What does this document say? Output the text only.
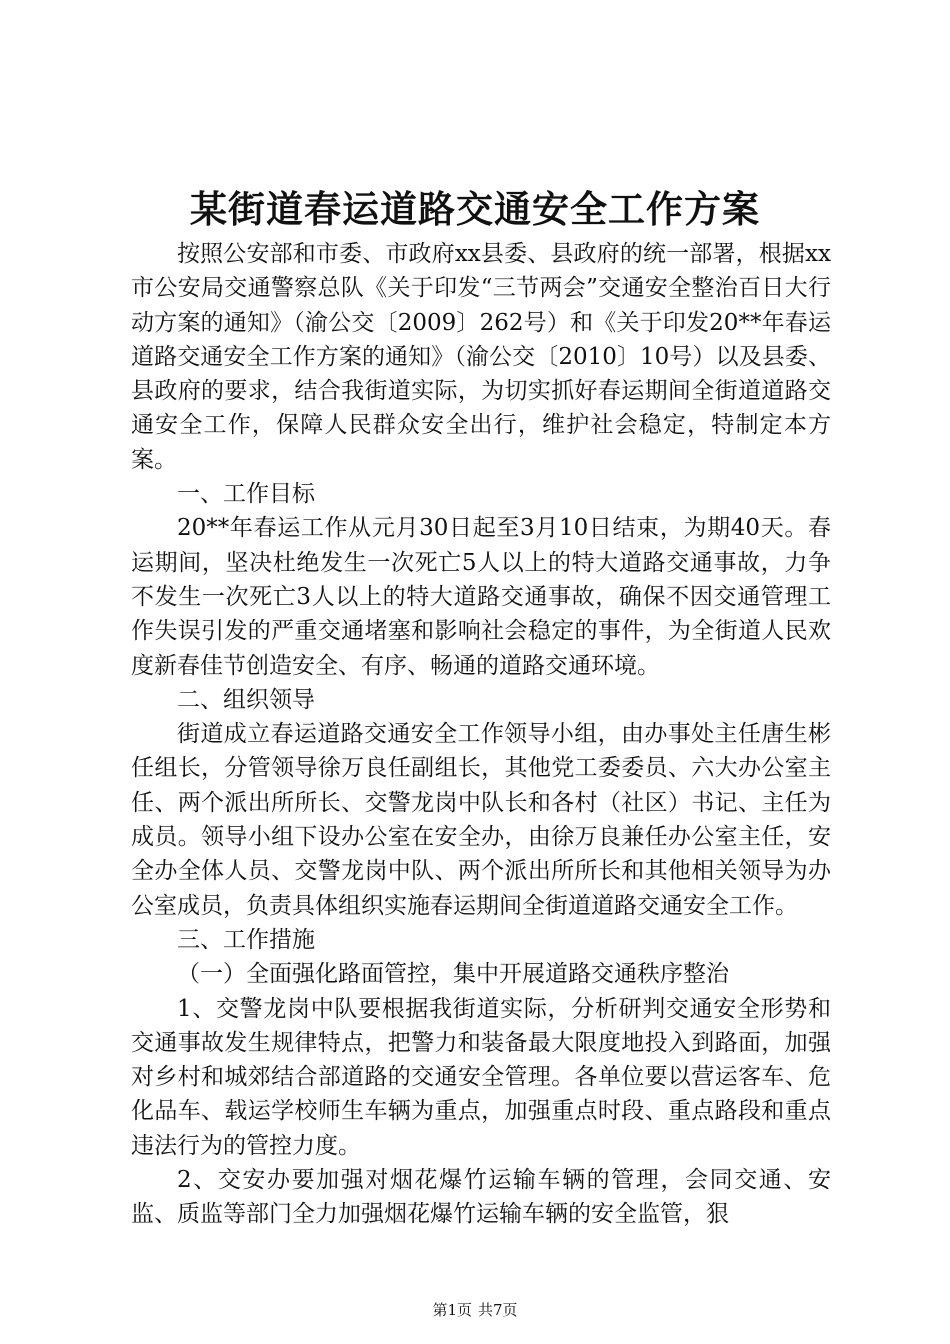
某街道春运道路交通安全工作方案

按照公安部和市委、市政府xx县委、县政府的统一部署，根据xx市公安局交通警察总队《关于印发“三节两会”交通安全整治百日大行动方案的通知》（渝公交〔2009〕262号）和《关于印发20**年春运道路交通安全工作方案的通知》（渝公交〔2010〕10号）以及县委、县政府的要求，结合我街道实际，为切实抓好春运期间全街道道路交通安全工作，保障人民群众安全出行，维护社会稳定，特制定本方案。

一、工作目标

20**年春运工作从元月30日起至3月10日结束，为期40天。春运期间，坚决杜绝发生一次死亡5人以上的特大道路交通事故，力争不发生一次死亡3人以上的特大道路交通事故，确保不因交通管理工作失误引发的严重交通堵塞和影响社会稳定的事件，为全街道人民欢度新春佳节创造安全、有序、畅通的道路交通环境。

二、组织领导

街道成立春运道路交通安全工作领导小组，由办事处主任唐生彬任组长，分管领导徐万良任副组长，其他党工委委员、六大办公室主任、两个派出所所长、交警龙岗中队长和各村（社区）书记、主任为成员。领导小组下设办公室在安全办，由徐万良兼任办公室主任，安全办全体人员、交警龙岗中队、两个派出所所长和其他相关领导为办公室成员，负责具体组织实施春运期间全街道道路交通安全工作。

三、工作措施

（一）全面强化路面管控，集中开展道路交通秩序整治

1、交警龙岗中队要根据我街道实际，分析研判交通安全形势和交通事故发生规律特点，把警力和装备最大限度地投入到路面，加强对乡村和城郊结合部道路的交通安全管理。各单位要以营运客车、危化品车、载运学校师生车辆为重点，加强重点时段、重点路段和重点违法行为的管控力度。

2、交安办要加强对烟花爆竹运输车辆的管理，会同交通、安监、质监等部门全力加强烟花爆竹运输车辆的安全监管，狠

第1页 共7页
